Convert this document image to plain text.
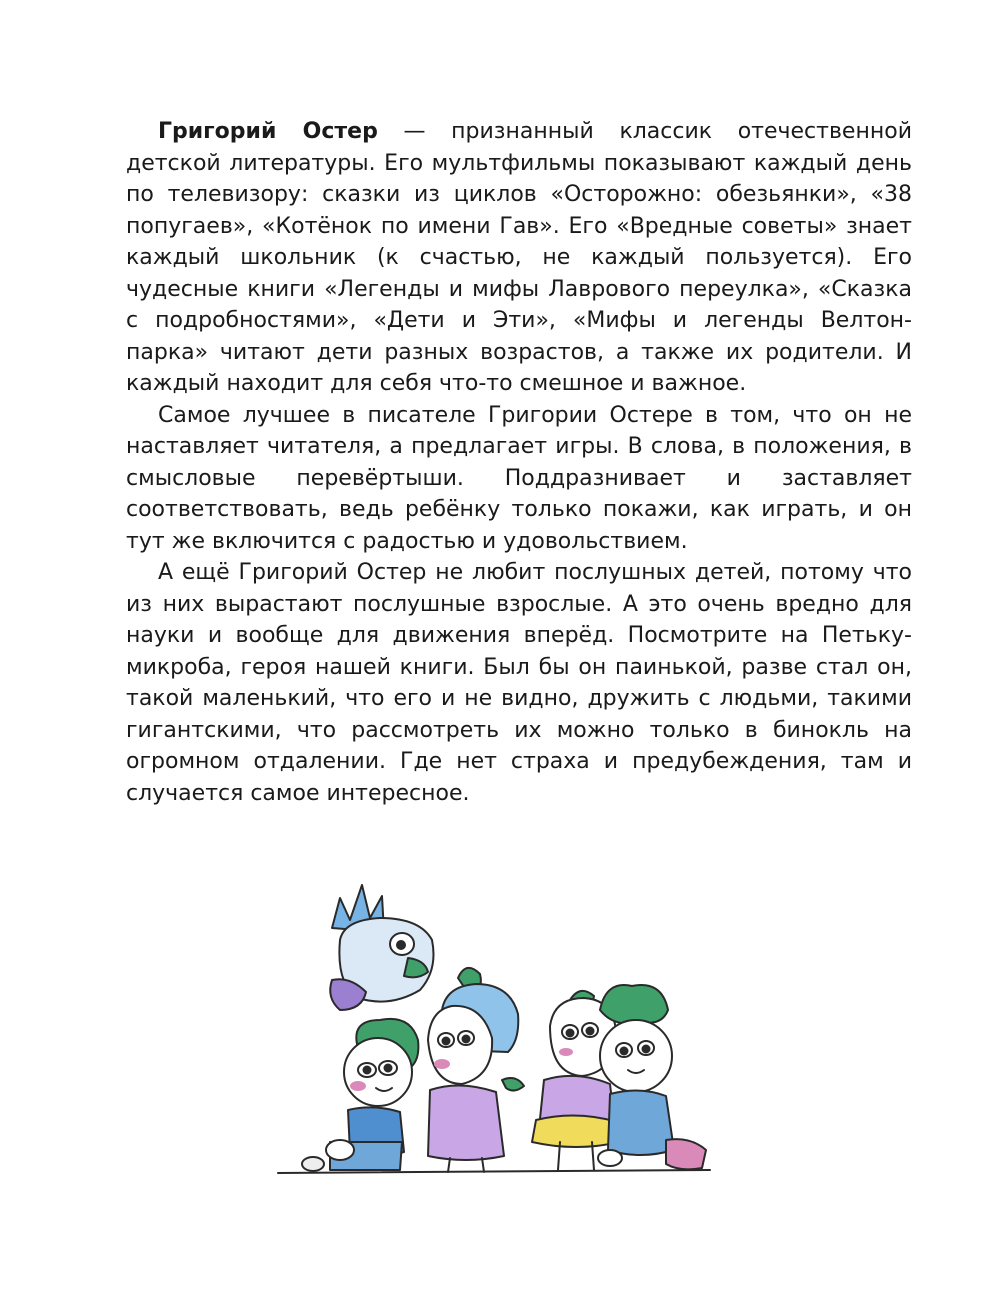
Григорий Остер — признанный классик отечественной детской литературы. Его мультфильмы показывают каждый день по телевизору: сказки из циклов «Осторожно: обезьянки», «38 попугаев», «Котёнок по имени Гав». Его «Вредные советы» знает каждый школьник (к счастью, не каждый пользуется). Его чудесные книги «Легенды и мифы Лаврового переулка», «Сказка с подробностями», «Дети и Эти», «Мифы и легенды Велтон-парка» читают дети разных возрастов, а также их родители. И каждый находит для себя что-то смешное и важное.

Самое лучшее в писателе Григории Остере в том, что он не наставляет читателя, а предлагает игры. В слова, в положения, в смысловые перевёртыши. Поддразнивает и заставляет соответствовать, ведь ребёнку только покажи, как играть, и он тут же включится с радостью и удовольствием.

А ещё Григорий Остер не любит послушных детей, потому что из них вырастают послушные взрослые. А это очень вредно для науки и вообще для движения вперёд. Посмотрите на Петьку-микроба, героя нашей книги. Был бы он паинькой, разве стал он, такой маленький, что его и не видно, дружить с людьми, такими гигантскими, что рассмотреть их можно только в бинокль на огромном отдалении. Где нет страха и предубеждения, там и случается самое интересное.
